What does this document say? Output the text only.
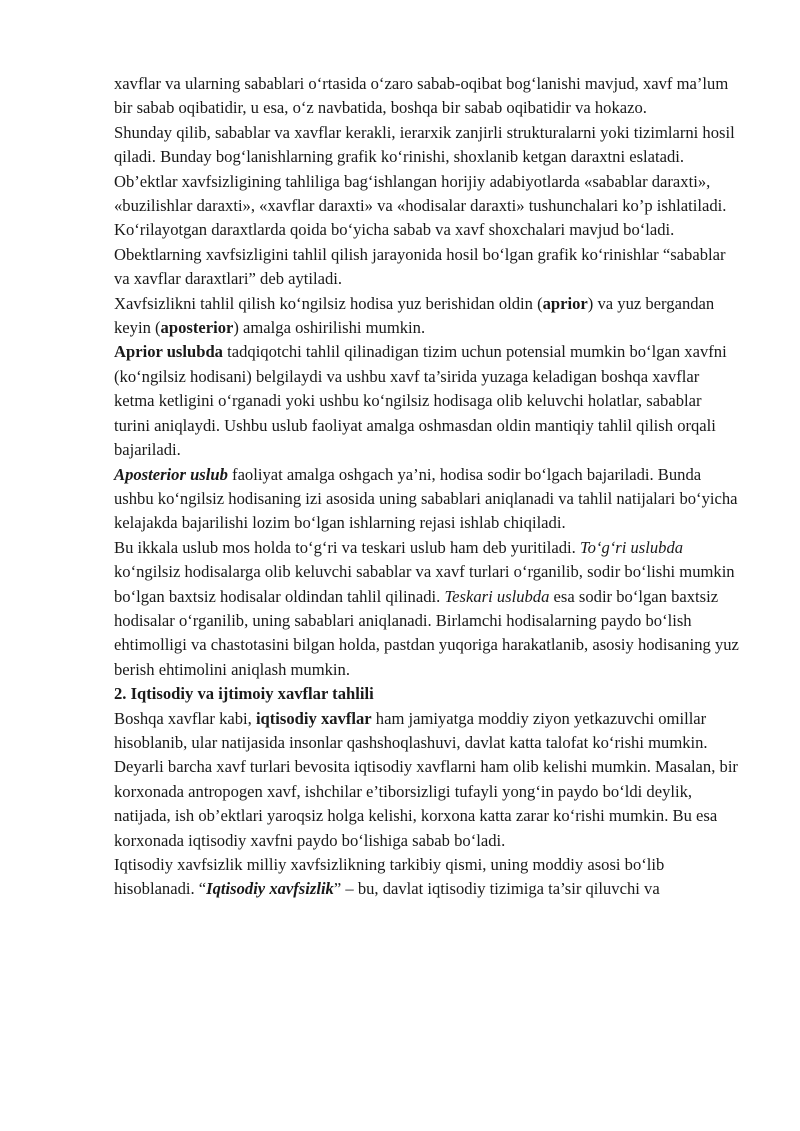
xavflar va ularning sabablari o‘rtasida o‘zaro sabab-oqibat bog‘lanishi mavjud, xavf ma’lum bir sabab oqibatidir, u esa, o‘z navbatida, boshqa bir sabab oqibatidir va hokazo.

Shunday qilib, sabablar va xavflar kerakli, ierarxik zanjirli strukturalarni yoki tizimlarni hosil qiladi. Bunday bog‘lanishlarning grafik ko‘rinishi, shoxlanib ketgan daraxtni eslatadi. Ob’ektlar xavfsizligining tahliliga bag‘ishlangan horijiy adabiyotlarda «sabablar daraxti», «buzilishlar daraxti», «xavflar daraxti» va «hodisalar daraxti» tushunchalari ko’p ishlatiladi. Ko‘rilayotgan daraxtlarda qoida bo‘yicha sabab va xavf shoxchalari mavjud bo‘ladi. Obektlarning xavfsizligini tahlil qilish jarayonida hosil bo‘lgan grafik ko‘rinishlar “sabablar va xavflar daraxtlari” deb aytiladi.

Xavfsizlikni tahlil qilish ko‘ngilsiz hodisa yuz berishidan oldin (aprior) va yuz bergandan keyin (aposterior) amalga oshirilishi mumkin.

Aprior uslubda tadqiqotchi tahlil qilinadigan tizim uchun potensial mumkin bo‘lgan xavfni (ko‘ngilsiz hodisani) belgilaydi va ushbu xavf ta’sirida yuzaga keladigan boshqa xavflar ketma ketligini o‘rganadi yoki ushbu ko‘ngilsiz hodisaga olib keluvchi holatlar, sabablar turini aniqlaydi. Ushbu uslub faoliyat amalga oshmasdan oldin mantiqiy tahlil qilish orqali bajariladi.

Aposterior uslub faoliyat amalga oshgach ya’ni, hodisa sodir bo‘lgach bajariladi. Bunda ushbu ko‘ngilsiz hodisaning izi asosida uning sabablari aniqlanadi va tahlil natijalari bo‘yicha kelajakda bajarilishi lozim bo‘lgan ishlarning rejasi ishlab chiqiladi.

Bu ikkala uslub mos holda to‘g‘ri va teskari uslub ham deb yuritiladi. To‘g‘ri uslubda ko‘ngilsiz hodisalarga olib keluvchi sabablar va xavf turlari o‘rganilib, sodir bo‘lishi mumkin bo‘lgan baxtsiz hodisalar oldindan tahlil qilinadi. Teskari uslubda esa sodir bo‘lgan baxtsiz hodisalar o‘rganilib, uning sabablari aniqlanadi. Birlamchi hodisalarning paydo bo‘lish ehtimolligi va chastotasini bilgan holda, pastdan yuqoriga harakatlanib, asosiy hodisaning yuz berish ehtimolini aniqlash mumkin.

2. Iqtisodiy va ijtimoiy xavflar tahlili

Boshqa xavflar kabi, iqtisodiy xavflar ham jamiyatga moddiy ziyon yetkazuvchi omillar hisoblanib, ular natijasida insonlar qashshoqlashuvi, davlat katta talofat ko‘rishi mumkin. Deyarli barcha xavf turlari bevosita iqtisodiy xavflarni ham olib kelishi mumkin. Masalan, bir korxonada antropogen xavf, ishchilar e’tiborsizligi tufayli yong‘in paydo bo‘ldi deylik, natijada, ish ob’ektlari yaroqsiz holga kelishi, korxona katta zarar ko‘rishi mumkin. Bu esa korxonada iqtisodiy xavfni paydo bo‘lishiga sabab bo‘ladi.

Iqtisodiy xavfsizlik milliy xavfsizlikning tarkibiy qismi, uning moddiy asosi bo‘lib hisoblanadi. “Iqtisodiy xavfsizlik” – bu, davlat iqtisodiy tizimiga ta’sir qiluvchi va
